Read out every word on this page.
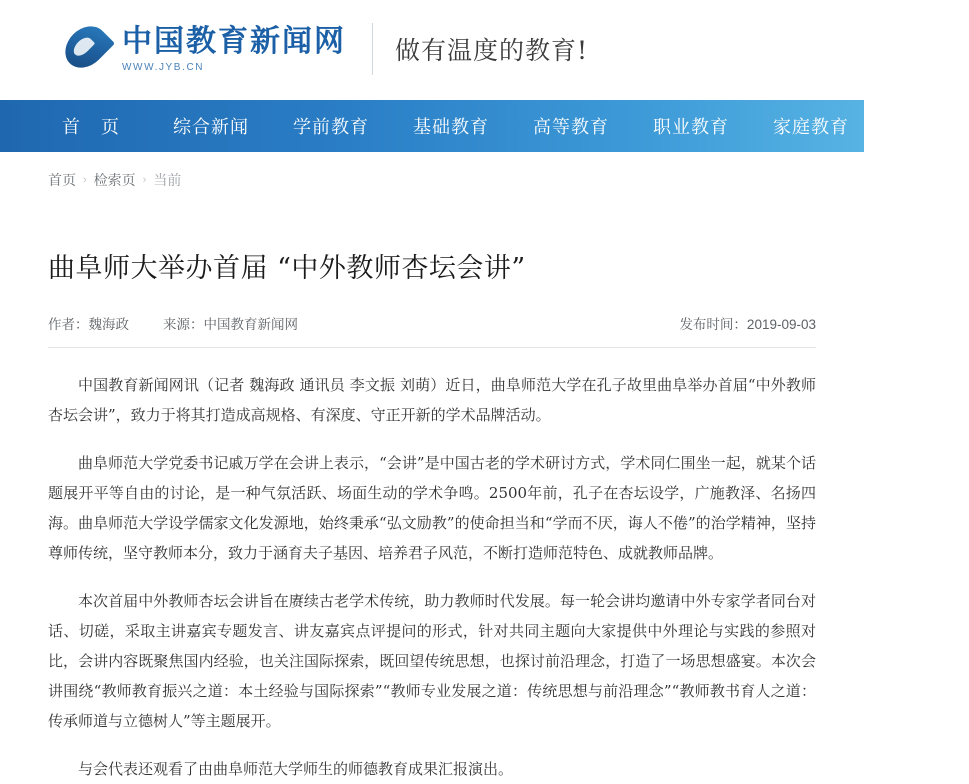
中国教育新闻网
WWW.JYB.CN
做有温度的教育!
首 页	综合新闻 学前教育 基础教育 高等教育 职业教育 家庭教育 国际教育
首页 › 检索页 › 当前
曲阜师大举办首届 “中外教师杏坛会讲”
作者：魏海政	来源：中国教育新闻网	发布时间：2019-09-03

中国教育新闻网讯（记者 魏海政 通讯员 李文振 刘萌）近日，曲阜师范大学在孔子故里曲阜举办首届“中外教师杏坛会讲”，致力于将其打造成高规格、有深度、守正开新的学术品牌活动。

曲阜师范大学党委书记戚万学在会讲上表示，“会讲”是中国古老的学术研讨方式，学术同仁围坐一起，就某个话题展开平等自由的讨论，是一种气氛活跃、场面生动的学术争鸣。2500年前，孔子在杏坛设学，广施教泽、名扬四海。曲阜师范大学设学儒家文化发源地，始终秉承“弘文励教”的使命担当和“学而不厌，诲人不倦”的治学精神，坚持尊师传统，坚守教师本分，致力于涵育夫子基因、培养君子风范，不断打造师范特色、成就教师品牌。

本次首届中外教师杏坛会讲旨在赓续古老学术传统，助力教师时代发展。每一轮会讲均邀请中外专家学者同台对话、切磋，采取主讲嘉宾专题发言、讲友嘉宾点评提问的形式，针对共同主题向大家提供中外理论与实践的参照对比，会讲内容既聚焦国内经验，也关注国际探索，既回望传统思想，也探讨前沿理念，打造了一场思想盛宴。本次会讲围绕“教师教育振兴之道：本土经验与国际探索”“教师专业发展之道：传统思想与前沿理念”“教师教书育人之道：传承师道与立德树人”等主题展开。

与会代表还观看了由曲阜师范大学师生的师德教育成果汇报演出。
